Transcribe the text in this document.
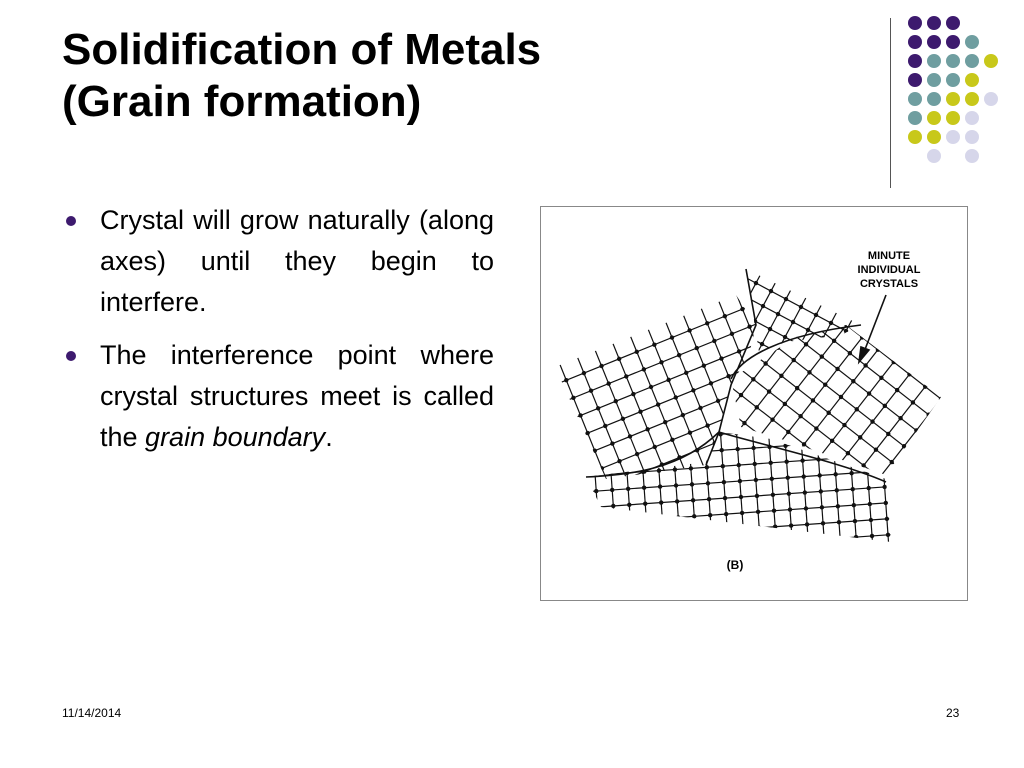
Solidification of Metals
(Grain formation)
Crystal will grow naturally (along axes) until they begin to interfere.
The interference point where crystal structures meet is called the grain boundary.
MINUTE
INDIVIDUAL
CRYSTALS
(B)
11/14/2014	23
